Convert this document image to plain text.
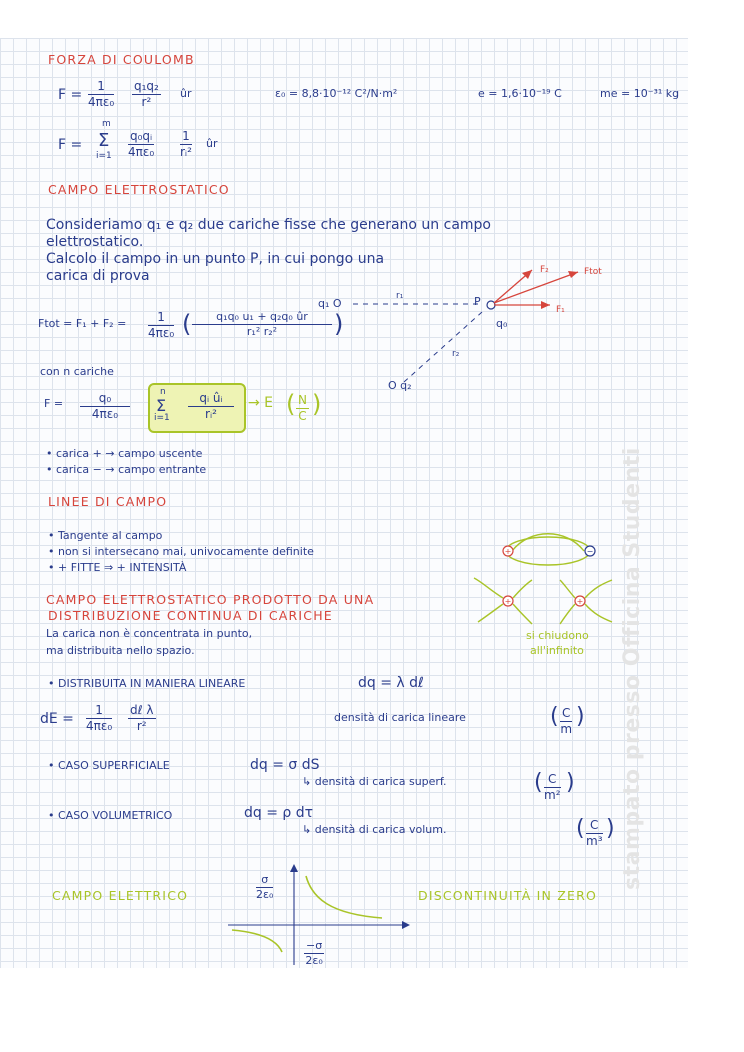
FORZA DI COULOMB
$F = \frac{1}{\text{4πε₀}} \frac{\text{q₁q₂}}{\text{r²}}$ ûr	ε₀ = 8,8·10⁻¹² C²/N·m²	e = 1,6·10⁻¹⁹ C	me = 10⁻³¹ kg
F =
m
Σ
$i=1 \frac{\text{q₀qᵢ}}{\text{4πε₀}} \frac{1}{\text{rᵢ²}}$ ûr
CAMPO ELETTROSTATICO
Consideriamo q₁ e q₂ due cariche fisse che generano un campo
elettrostatico.
Calcolo il campo in un punto P, in cui pongo una
carica di prova
Ftot = $F_1 + F_2 = \frac{1}{\text{4πε₀}}$ ( $\frac{\text{q₁q₀ u₁ + q₂q₀ ûr}}{\text{r₁² r₂²}}$ )
q₁ O
r₁	P
q₀
r₂
O q₂
F₂	Ftot
F₁
con n cariche
$F = \frac{\text{q₀}}{\text{4πε₀}}$	n
Σ
$i=1 \frac{\text{qᵢ ûᵢ}}{\text{rᵢ²}} \to E$ ( $\frac{N}{C}$ )
• carica + → campo uscente
• carica − → campo entrante
LINEE DI CAMPO
• Tangente al campo
• non si intersecano mai, univocamente definite
• + FITTE ⇒ + INTENSITÀ
+	−
+	+
si chiudono
all'infinito
CAMPO ELETTROSTATICO PRODOTTO DA UNA
DISTRIBUZIONE CONTINUA DI CARICHE
La carica non è concentrata in punto,
ma distribuita nello spazio.
• DISTRIBUITA IN MANIERA LINEARE	dq = λ dℓ
dE = $\frac{1}{\text{4πε₀}}$ dℓ λ
r²
densità di carica lineare	( $\frac{C}{m}$ )
• CASO SUPERFICIALE	dq = σ dS
↳ densità di carica superf.	( $\frac{C}{\text{m²}}$ )
• CASO VOLUMETRICO	dq = ρ dτ
↳ densità di carica volum.	( $\frac{C}{\text{m³}}$ )
CAMPO ELETTRICO	DISCONTINUITÀ IN ZERO
$\frac{\sigma}{\text{2ε₀}}$
$\frac{-\sigma}{\text{2ε₀}}$
stampato presso Officina Studenti
